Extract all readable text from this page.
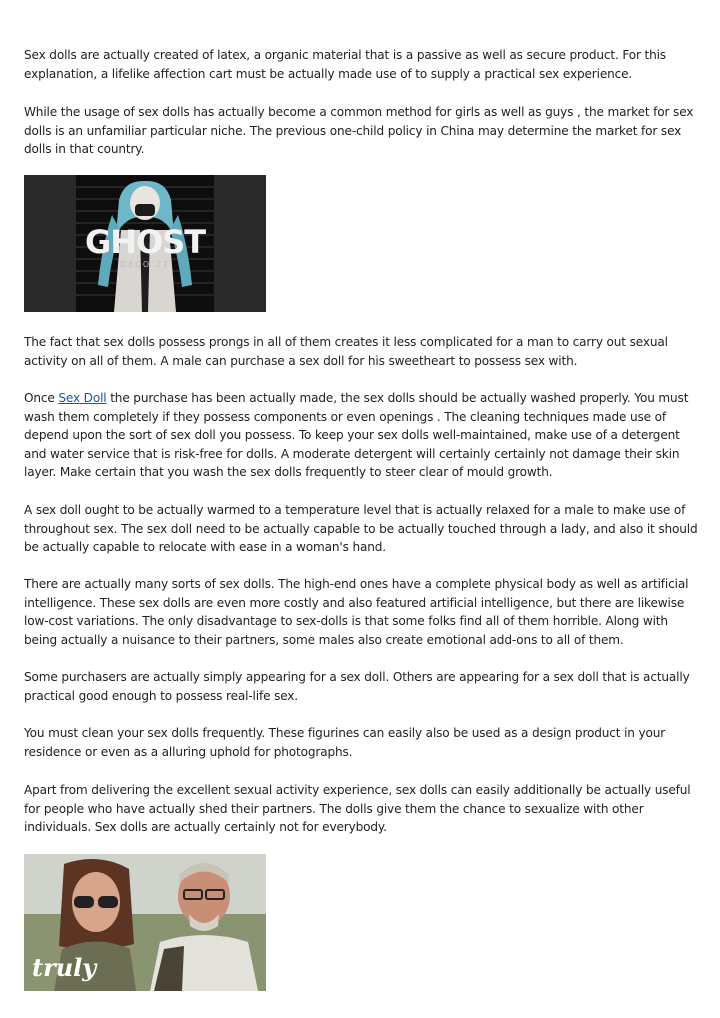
Sex dolls are actually created of latex, a organic material that is a passive as well as secure product. For this explanation, a lifelike affection cart must be actually made use of to supply a practical sex experience.

While the usage of sex dolls has actually become a common method for girls as well as guys , the market for sex dolls is an unfamiliar particular niche. The previous one-child policy in China may determine the market for sex dolls in that country.

GHOST
DECO 27

The fact that sex dolls possess prongs in all of them creates it less complicated for a man to carry out sexual activity on all of them. A male can purchase a sex doll for his sweetheart to possess sex with.

Once Sex Doll the purchase has been actually made, the sex dolls should be actually washed properly. You must wash them completely if they possess components or even openings . The cleaning techniques made use of depend upon the sort of sex doll you possess. To keep your sex dolls well-maintained, make use of a detergent and water service that is risk-free for dolls. A moderate detergent will certainly certainly not damage their skin layer. Make certain that you wash the sex dolls frequently to steer clear of mould growth.

A sex doll ought to be actually warmed to a temperature level that is actually relaxed for a male to make use of throughout sex. The sex doll need to be actually capable to be actually touched through a lady, and also it should be actually capable to relocate with ease in a woman's hand.

There are actually many sorts of sex dolls. The high-end ones have a complete physical body as well as artificial intelligence. These sex dolls are even more costly and also featured artificial intelligence, but there are likewise low-cost variations. The only disadvantage to sex-dolls is that some folks find all of them horrible. Along with being actually a nuisance to their partners, some males also create emotional add-ons to all of them.

Some purchasers are actually simply appearing for a sex doll. Others are appearing for a sex doll that is actually practical good enough to possess real-life sex.

You must clean your sex dolls frequently. These figurines can easily also be used as a design product in your residence or even as a alluring uphold for photographs.

Apart from delivering the excellent sexual activity experience, sex dolls can easily additionally be actually useful for people who have actually shed their partners. The dolls give them the chance to sexualize with other individuals. Sex dolls are actually certainly not for everybody.

truly
